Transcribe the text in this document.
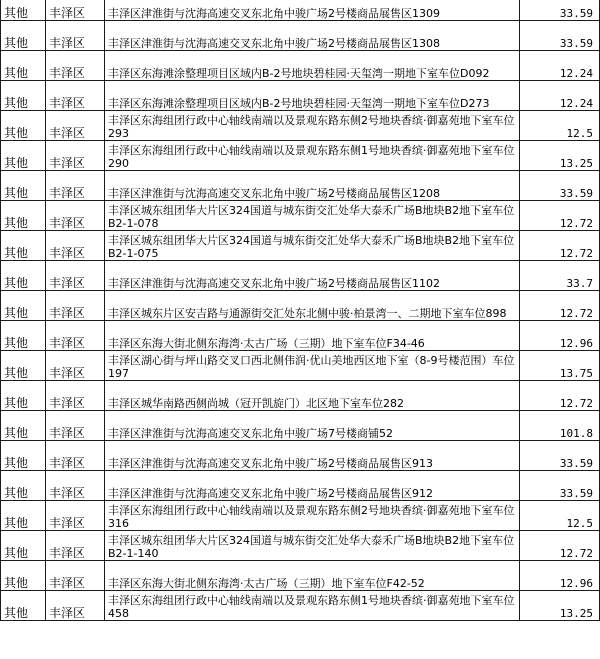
其他	丰泽区	丰泽区津淮街与沈海高速交叉东北角中骏广场2号楼商品展售区1309	33.59
其他	丰泽区	丰泽区津淮街与沈海高速交叉东北角中骏广场2号楼商品展售区1308	33.59
其他	丰泽区	丰泽区东海滩涂整理项目区域内B-2号地块碧桂园·天玺湾一期地下室车位D092	12.24
其他	丰泽区	丰泽区东海滩涂整理项目区域内B-2号地块碧桂园·天玺湾一期地下室车位D273	12.24
其他	丰泽区	丰泽区东海组团行政中心轴线南端以及景观东路东侧2号地块香缤·御嘉苑地下室车位293	12.5
其他	丰泽区	丰泽区东海组团行政中心轴线南端以及景观东路东侧1号地块香缤·御嘉苑地下室车位290	13.25
其他	丰泽区	丰泽区津淮街与沈海高速交叉东北角中骏广场2号楼商品展售区1208	33.59
其他	丰泽区	丰泽区城东组团华大片区324国道与城东街交汇处华大泰禾广场B地块B2地下室车位B2-1-078	12.72
其他	丰泽区	丰泽区城东组团华大片区324国道与城东街交汇处华大泰禾广场B地块B2地下室车位B2-1-075	12.72
其他	丰泽区	丰泽区津淮街与沈海高速交叉东北角中骏广场2号楼商品展售区1102	33.7
其他	丰泽区	丰泽区城东片区安吉路与通源街交汇处东北侧中骏·柏景湾一、二期地下室车位898	12.72
其他	丰泽区	丰泽区东海大街北侧东海湾·太古广场（三期）地下室车位F34-46	12.96
其他	丰泽区	丰泽区湖心街与坪山路交叉口西北侧伟润·优山美地西区地下室（8-9号楼范围）车位197	13.75
其他	丰泽区	丰泽区城华南路西侧尚城（冠开凯旋门）北区地下室车位282	12.72
其他	丰泽区	丰泽区津淮街与沈海高速交叉东北角中骏广场7号楼商铺52	101.8
其他	丰泽区	丰泽区津淮街与沈海高速交叉东北角中骏广场2号楼商品展售区913	33.59
其他	丰泽区	丰泽区津淮街与沈海高速交叉东北角中骏广场2号楼商品展售区912	33.59
其他	丰泽区	丰泽区东海组团行政中心轴线南端以及景观东路东侧2号地块香缤·御嘉苑地下室车位316	12.5
其他	丰泽区	丰泽区城东组团华大片区324国道与城东街交汇处华大泰禾广场B地块B2地下室车位B2-1-140	12.72
其他	丰泽区	丰泽区东海大街北侧东海湾·太古广场（三期）地下室车位F42-52	12.96
其他	丰泽区	丰泽区东海组团行政中心轴线南端以及景观东路东侧1号地块香缤·御嘉苑地下室车位458	13.25
